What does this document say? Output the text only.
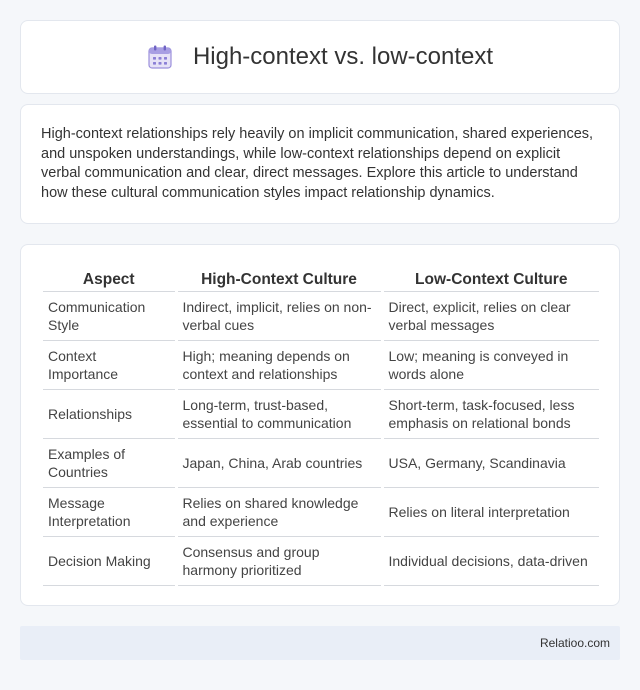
High-context vs. low-context

High-context relationships rely heavily on implicit communication, shared experiences, and unspoken understandings, while low-context relationships depend on explicit verbal communication and clear, direct messages. Explore this article to understand how these cultural communication styles impact relationship dynamics.

Aspect	High-Context Culture	Low-Context Culture
Communication Style	Indirect, implicit, relies on non-verbal cues	Direct, explicit, relies on clear verbal messages
Context Importance	High; meaning depends on context and relationships	Low; meaning is conveyed in words alone
Relationships	Long-term, trust-based, essential to communication	Short-term, task-focused, less emphasis on relational bonds
Examples of Countries	Japan, China, Arab countries	USA, Germany, Scandinavia
Message Interpretation	Relies on shared knowledge and experience	Relies on literal interpretation
Decision Making	Consensus and group harmony prioritized	Individual decisions, data-driven
Relatioo.com
